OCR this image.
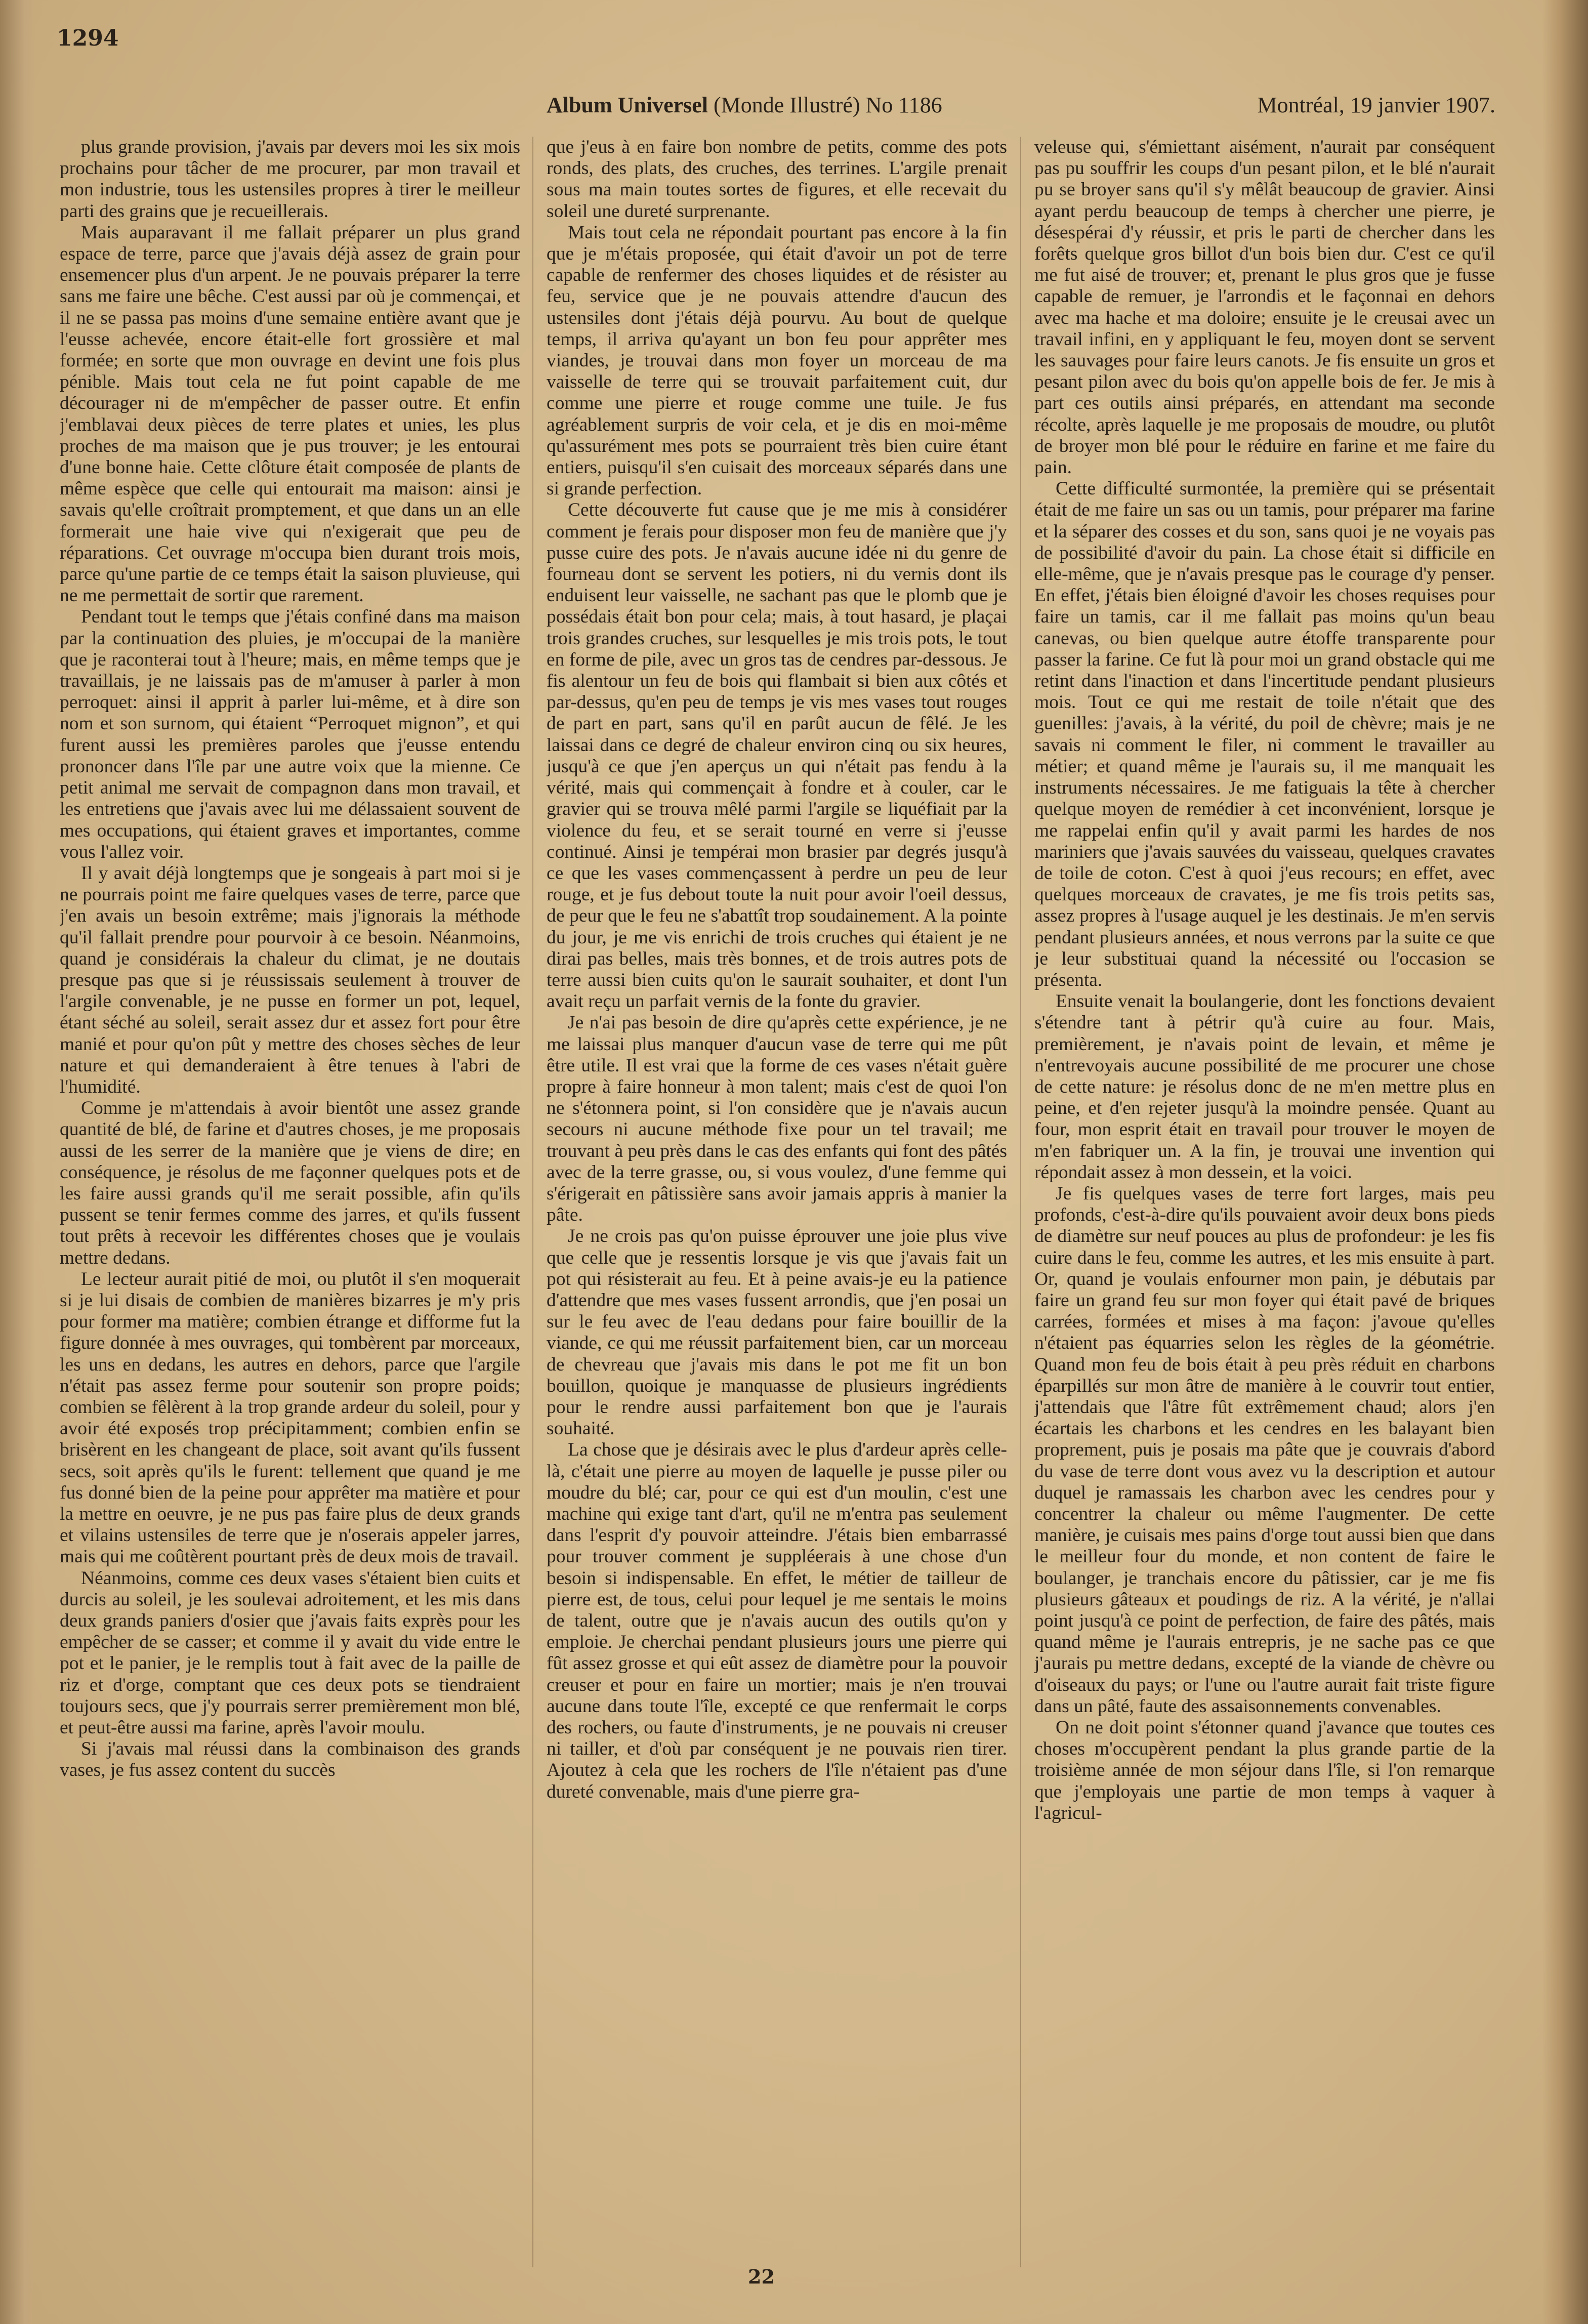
1294
Album Universel (Monde Illustré) No 1186	Montréal, 19 janvier 1907.

plus grande provision, j'avais par devers moi les six mois prochains pour tâcher de me procurer, par mon travail et mon industrie, tous les ustensiles propres à tirer le meilleur parti des grains que je recueillerais.

Mais auparavant il me fallait préparer un plus grand espace de terre, parce que j'avais déjà assez de grain pour ensemencer plus d'un arpent. Je ne pouvais préparer la terre sans me faire une bêche. C'est aussi par où je commençai, et il ne se passa pas moins d'une semaine entière avant que je l'eusse achevée, encore était-elle fort grossière et mal formée; en sorte que mon ouvrage en devint une fois plus pénible. Mais tout cela ne fut point capable de me décourager ni de m'empêcher de passer outre. Et enfin j'emblavai deux pièces de terre plates et unies, les plus proches de ma maison que je pus trouver; je les entourai d'une bonne haie. Cette clôture était composée de plants de même espèce que celle qui entourait ma maison: ainsi je savais qu'elle croîtrait promptement, et que dans un an elle formerait une haie vive qui n'exigerait que peu de réparations. Cet ouvrage m'occupa bien durant trois mois, parce qu'une partie de ce temps était la saison pluvieuse, qui ne me permettait de sortir que rarement.

Pendant tout le temps que j'étais confiné dans ma maison par la continuation des pluies, je m'occupai de la manière que je raconterai tout à l'heure; mais, en même temps que je travaillais, je ne laissais pas de m'amuser à parler à mon perroquet: ainsi il apprit à parler lui-même, et à dire son nom et son surnom, qui étaient “Perroquet mignon”, et qui furent aussi les premières paroles que j'eusse entendu prononcer dans l'île par une autre voix que la mienne. Ce petit animal me servait de compagnon dans mon travail, et les entretiens que j'avais avec lui me délassaient souvent de mes occupations, qui étaient graves et importantes, comme vous l'allez voir.

Il y avait déjà longtemps que je songeais à part moi si je ne pourrais point me faire quelques vases de terre, parce que j'en avais un besoin extrême; mais j'ignorais la méthode qu'il fallait prendre pour pourvoir à ce besoin. Néanmoins, quand je considérais la chaleur du climat, je ne doutais presque pas que si je réussissais seulement à trouver de l'argile convenable, je ne pusse en former un pot, lequel, étant séché au soleil, serait assez dur et assez fort pour être manié et pour qu'on pût y mettre des choses sèches de leur nature et qui demanderaient à être tenues à l'abri de l'humidité.

Comme je m'attendais à avoir bientôt une assez grande quantité de blé, de farine et d'autres choses, je me proposais aussi de les serrer de la manière que je viens de dire; en conséquence, je résolus de me façonner quelques pots et de les faire aussi grands qu'il me serait possible, afin qu'ils pussent se tenir fermes comme des jarres, et qu'ils fussent tout prêts à recevoir les différentes choses que je voulais mettre dedans.

Le lecteur aurait pitié de moi, ou plutôt il s'en moquerait si je lui disais de combien de manières bizarres je m'y pris pour former ma matière; combien étrange et difforme fut la figure donnée à mes ouvrages, qui tombèrent par morceaux, les uns en dedans, les autres en dehors, parce que l'argile n'était pas assez ferme pour soutenir son propre poids; combien se fêlèrent à la trop grande ardeur du soleil, pour y avoir été exposés trop précipitamment; combien enfin se brisèrent en les changeant de place, soit avant qu'ils fussent secs, soit après qu'ils le furent: tellement que quand je me fus donné bien de la peine pour apprêter ma matière et pour la mettre en oeuvre, je ne pus pas faire plus de deux grands et vilains ustensiles de terre que je n'oserais appeler jarres, mais qui me coûtèrent pourtant près de deux mois de travail.

Néanmoins, comme ces deux vases s'étaient bien cuits et durcis au soleil, je les soulevai adroitement, et les mis dans deux grands paniers d'osier que j'avais faits exprès pour les empêcher de se casser; et comme il y avait du vide entre le pot et le panier, je le remplis tout à fait avec de la paille de riz et d'orge, comptant que ces deux pots se tiendraient toujours secs, que j'y pourrais serrer premièrement mon blé, et peut-être aussi ma farine, après l'avoir moulu.

Si j'avais mal réussi dans la combinaison des grands vases, je fus assez content du succès

que j'eus à en faire bon nombre de petits, comme des pots ronds, des plats, des cruches, des terrines. L'argile prenait sous ma main toutes sortes de figures, et elle recevait du soleil une dureté surprenante.

Mais tout cela ne répondait pourtant pas encore à la fin que je m'étais proposée, qui était d'avoir un pot de terre capable de renfermer des choses liquides et de résister au feu, service que je ne pouvais attendre d'aucun des ustensiles dont j'étais déjà pourvu. Au bout de quelque temps, il arriva qu'ayant un bon feu pour apprêter mes viandes, je trouvai dans mon foyer un morceau de ma vaisselle de terre qui se trouvait parfaitement cuit, dur comme une pierre et rouge comme une tuile. Je fus agréablement surpris de voir cela, et je dis en moi-même qu'assurément mes pots se pourraient très bien cuire étant entiers, puisqu'il s'en cuisait des morceaux séparés dans une si grande perfection.

Cette découverte fut cause que je me mis à considérer comment je ferais pour disposer mon feu de manière que j'y pusse cuire des pots. Je n'avais aucune idée ni du genre de fourneau dont se servent les potiers, ni du vernis dont ils enduisent leur vaisselle, ne sachant pas que le plomb que je possédais était bon pour cela; mais, à tout hasard, je plaçai trois grandes cruches, sur lesquelles je mis trois pots, le tout en forme de pile, avec un gros tas de cendres par-dessous. Je fis alentour un feu de bois qui flambait si bien aux côtés et par-dessus, qu'en peu de temps je vis mes vases tout rouges de part en part, sans qu'il en parût aucun de fêlé. Je les laissai dans ce degré de chaleur environ cinq ou six heures, jusqu'à ce que j'en aperçus un qui n'était pas fendu à la vérité, mais qui commençait à fondre et à couler, car le gravier qui se trouva mêlé parmi l'argile se liquéfiait par la violence du feu, et se serait tourné en verre si j'eusse continué. Ainsi je tempérai mon brasier par degrés jusqu'à ce que les vases commençassent à perdre un peu de leur rouge, et je fus debout toute la nuit pour avoir l'oeil dessus, de peur que le feu ne s'abattît trop soudainement. A la pointe du jour, je me vis enrichi de trois cruches qui étaient je ne dirai pas belles, mais très bonnes, et de trois autres pots de terre aussi bien cuits qu'on le saurait souhaiter, et dont l'un avait reçu un parfait vernis de la fonte du gravier.

Je n'ai pas besoin de dire qu'après cette expérience, je ne me laissai plus manquer d'aucun vase de terre qui me pût être utile. Il est vrai que la forme de ces vases n'était guère propre à faire honneur à mon talent; mais c'est de quoi l'on ne s'étonnera point, si l'on considère que je n'avais aucun secours ni aucune méthode fixe pour un tel travail; me trouvant à peu près dans le cas des enfants qui font des pâtés avec de la terre grasse, ou, si vous voulez, d'une femme qui s'érigerait en pâtissière sans avoir jamais appris à manier la pâte.

Je ne crois pas qu'on puisse éprouver une joie plus vive que celle que je ressentis lorsque je vis que j'avais fait un pot qui résisterait au feu. Et à peine avais-je eu la patience d'attendre que mes vases fussent arrondis, que j'en posai un sur le feu avec de l'eau dedans pour faire bouillir de la viande, ce qui me réussit parfaitement bien, car un morceau de chevreau que j'avais mis dans le pot me fit un bon bouillon, quoique je manquasse de plusieurs ingrédients pour le rendre aussi parfaitement bon que je l'aurais souhaité.

La chose que je désirais avec le plus d'ardeur après celle-là, c'était une pierre au moyen de laquelle je pusse piler ou moudre du blé; car, pour ce qui est d'un moulin, c'est une machine qui exige tant d'art, qu'il ne m'entra pas seulement dans l'esprit d'y pouvoir atteindre. J'étais bien embarrassé pour trouver comment je suppléerais à une chose d'un besoin si indispensable. En effet, le métier de tailleur de pierre est, de tous, celui pour lequel je me sentais le moins de talent, outre que je n'avais aucun des outils qu'on y emploie. Je cherchai pendant plusieurs jours une pierre qui fût assez grosse et qui eût assez de diamètre pour la pouvoir creuser et pour en faire un mortier; mais je n'en trouvai aucune dans toute l'île, excepté ce que renfermait le corps des rochers, ou faute d'instruments, je ne pouvais ni creuser ni tailler, et d'où par conséquent je ne pouvais rien tirer. Ajoutez à cela que les rochers de l'île n'étaient pas d'une dureté convenable, mais d'une pierre gra-

veleuse qui, s'émiettant aisément, n'aurait par conséquent pas pu souffrir les coups d'un pesant pilon, et le blé n'aurait pu se broyer sans qu'il s'y mêlât beaucoup de gravier. Ainsi ayant perdu beaucoup de temps à chercher une pierre, je désespérai d'y réussir, et pris le parti de chercher dans les forêts quelque gros billot d'un bois bien dur. C'est ce qu'il me fut aisé de trouver; et, prenant le plus gros que je fusse capable de remuer, je l'arrondis et le façonnai en dehors avec ma hache et ma doloire; ensuite je le creusai avec un travail infini, en y appliquant le feu, moyen dont se servent les sauvages pour faire leurs canots. Je fis ensuite un gros et pesant pilon avec du bois qu'on appelle bois de fer. Je mis à part ces outils ainsi préparés, en attendant ma seconde récolte, après laquelle je me proposais de moudre, ou plutôt de broyer mon blé pour le réduire en farine et me faire du pain.

Cette difficulté surmontée, la première qui se présentait était de me faire un sas ou un tamis, pour préparer ma farine et la séparer des cosses et du son, sans quoi je ne voyais pas de possibilité d'avoir du pain. La chose était si difficile en elle-même, que je n'avais presque pas le courage d'y penser. En effet, j'étais bien éloigné d'avoir les choses requises pour faire un tamis, car il me fallait pas moins qu'un beau canevas, ou bien quelque autre étoffe transparente pour passer la farine. Ce fut là pour moi un grand obstacle qui me retint dans l'inaction et dans l'incertitude pendant plusieurs mois. Tout ce qui me restait de toile n'était que des guenilles: j'avais, à la vérité, du poil de chèvre; mais je ne savais ni comment le filer, ni comment le travailler au métier; et quand même je l'aurais su, il me manquait les instruments nécessaires. Je me fatiguais la tête à chercher quelque moyen de remédier à cet inconvénient, lorsque je me rappelai enfin qu'il y avait parmi les hardes de nos mariniers que j'avais sauvées du vaisseau, quelques cravates de toile de coton. C'est à quoi j'eus recours; en effet, avec quelques morceaux de cravates, je me fis trois petits sas, assez propres à l'usage auquel je les destinais. Je m'en servis pendant plusieurs années, et nous verrons par la suite ce que je leur substituai quand la nécessité ou l'occasion se présenta.

Ensuite venait la boulangerie, dont les fonctions devaient s'étendre tant à pétrir qu'à cuire au four. Mais, premièrement, je n'avais point de levain, et même je n'entrevoyais aucune possibilité de me procurer une chose de cette nature: je résolus donc de ne m'en mettre plus en peine, et d'en rejeter jusqu'à la moindre pensée. Quant au four, mon esprit était en travail pour trouver le moyen de m'en fabriquer un. A la fin, je trouvai une invention qui répondait assez à mon dessein, et la voici.

Je fis quelques vases de terre fort larges, mais peu profonds, c'est-à-dire qu'ils pouvaient avoir deux bons pieds de diamètre sur neuf pouces au plus de profondeur: je les fis cuire dans le feu, comme les autres, et les mis ensuite à part. Or, quand je voulais enfourner mon pain, je débutais par faire un grand feu sur mon foyer qui était pavé de briques carrées, formées et mises à ma façon: j'avoue qu'elles n'étaient pas équarries selon les règles de la géométrie. Quand mon feu de bois était à peu près réduit en charbons éparpillés sur mon âtre de manière à le couvrir tout entier, j'attendais que l'âtre fût extrêmement chaud; alors j'en écartais les charbons et les cendres en les balayant bien proprement, puis je posais ma pâte que je couvrais d'abord du vase de terre dont vous avez vu la description et autour duquel je ramassais les charbon avec les cendres pour y concentrer la chaleur ou même l'augmenter. De cette manière, je cuisais mes pains d'orge tout aussi bien que dans le meilleur four du monde, et non content de faire le boulanger, je tranchais encore du pâtissier, car je me fis plusieurs gâteaux et poudings de riz. A la vérité, je n'allai point jusqu'à ce point de perfection, de faire des pâtés, mais quand même je l'aurais entrepris, je ne sache pas ce que j'aurais pu mettre dedans, excepté de la viande de chèvre ou d'oiseaux du pays; or l'une ou l'autre aurait fait triste figure dans un pâté, faute des assaisonnements convenables.

On ne doit point s'étonner quand j'avance que toutes ces choses m'occupèrent pendant la plus grande partie de la troisième année de mon séjour dans l'île, si l'on remarque que j'employais une partie de mon temps à vaquer à l'agricul-

22
